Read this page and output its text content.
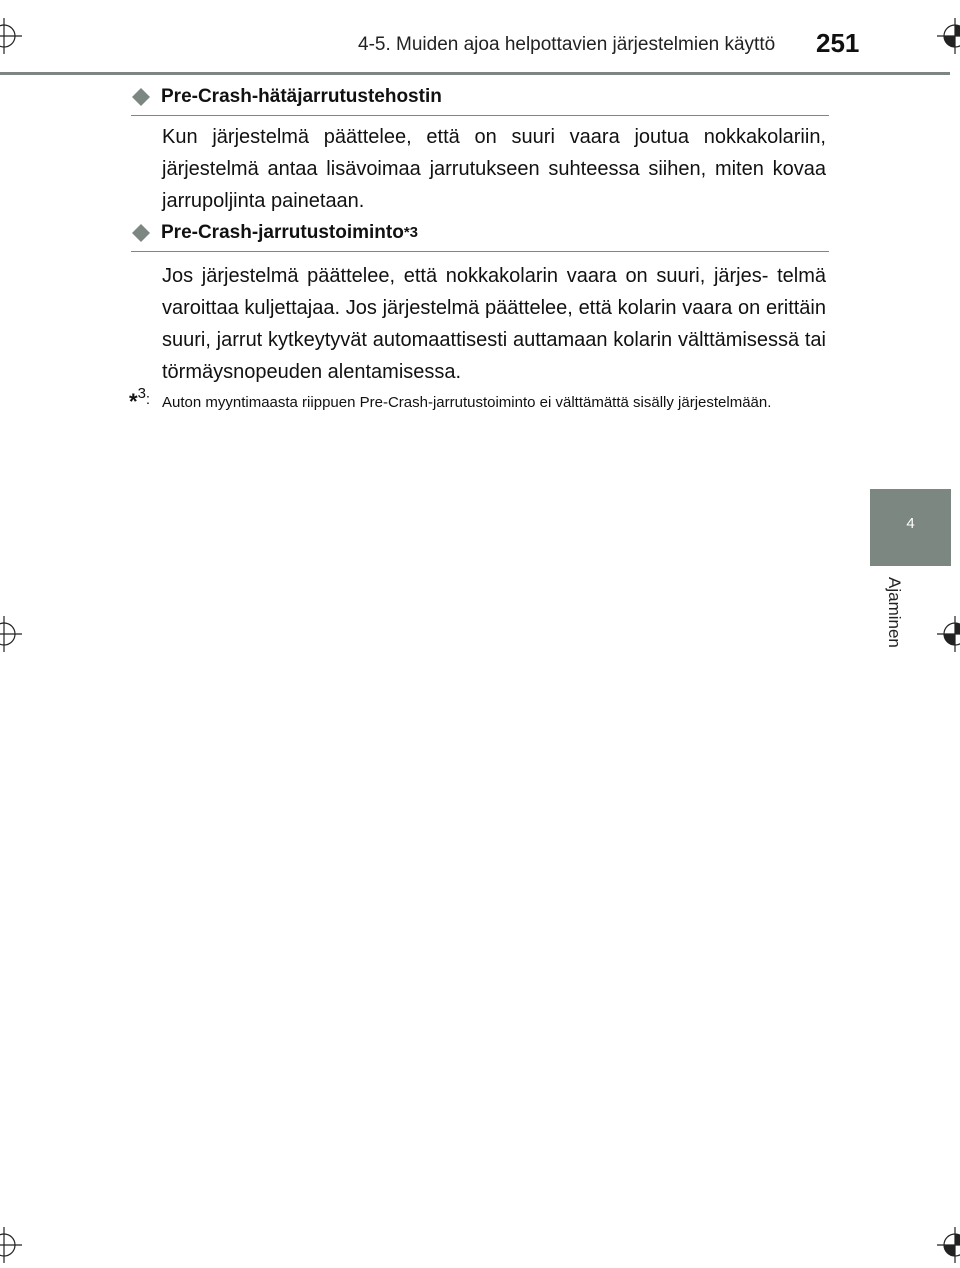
4-5. Muiden ajoa helpottavien järjestelmien käyttö 251
4
Ajaminen
Pre-Crash-hätäjarrutustehostin
Kun järjestelmä päättelee, että on suuri vaara joutua nokkakolariin, järjestelmä antaa lisävoimaa jarrutukseen suhteessa siihen, miten kovaa jarrupoljinta painetaan.
Pre-Crash-jarrutustoiminto *3
Jos järjestelmä päättelee, että nokkakolarin vaara on suuri, järjes- telmä varoittaa kuljettajaa. Jos järjestelmä päättelee, että kolarin vaara on erittäin suuri, jarrut kytkeytyvät automaattisesti auttamaan kolarin välttämisessä tai törmäysnopeuden alentamisessa.
*3: Auton myyntimaasta riippuen Pre-Crash-jarrutustoiminto ei välttämättä sisälly järjestelmään.
